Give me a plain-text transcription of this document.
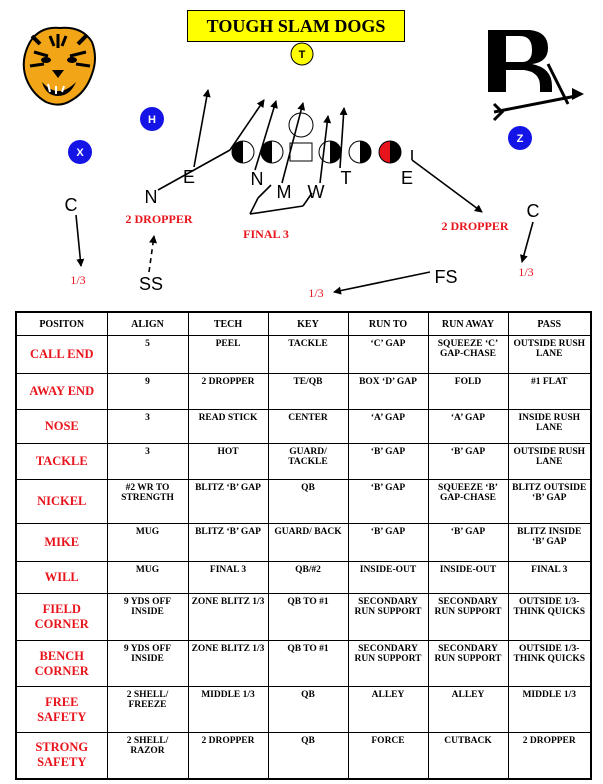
TOUGH SLAM DOGS
T
H
X
Z
E
N
N
M W
T	E
C	C
SS	FS
2 DROPPER
FINAL 3
2 DROPPER
1/3
1/3
1/3
POSITON	ALIGN	TECH	KEY	RUN TO	RUN AWAY	PASS
CALL END	5	PEEL	TACKLE	‘C’ GAP	SQUEEZE ‘C’ GAP-CHASE	OUTSIDE RUSH LANE
AWAY END	9	2 DROPPER	TE/QB	BOX ‘D’ GAP	FOLD	#1 FLAT
NOSE	3	READ STICK	CENTER	‘A’ GAP	‘A’ GAP	INSIDE RUSH LANE
TACKLE	3	HOT	GUARD/ TACKLE	‘B’ GAP	‘B’ GAP	OUTSIDE RUSH LANE
NICKEL	#2 WR TO STRENGTH	BLITZ ‘B’ GAP	QB	‘B’ GAP	SQUEEZE ‘B’ GAP-CHASE	BLITZ OUTSIDE ‘B’ GAP
MIKE	MUG	BLITZ ‘B’ GAP	GUARD/ BACK	‘B’ GAP	‘B’ GAP	BLITZ INSIDE ‘B’ GAP
WILL	MUG	FINAL 3	QB/#2	INSIDE-OUT	INSIDE-OUT	FINAL 3
FIELD CORNER	9 YDS OFF INSIDE	ZONE BLITZ 1/3	QB TO #1	SECONDARY RUN SUPPORT	SECONDARY RUN SUPPORT	OUTSIDE 1/3- THINK QUICKS
BENCH CORNER	9 YDS OFF INSIDE	ZONE BLITZ 1/3	QB TO #1	SECONDARY RUN SUPPORT	SECONDARY RUN SUPPORT	OUTSIDE 1/3- THINK QUICKS
FREE SAFETY	2 SHELL/ FREEZE	MIDDLE 1/3	QB	ALLEY	ALLEY	MIDDLE 1/3
STRONG SAFETY	2 SHELL/ RAZOR	2 DROPPER	QB	FORCE	CUTBACK	2 DROPPER
